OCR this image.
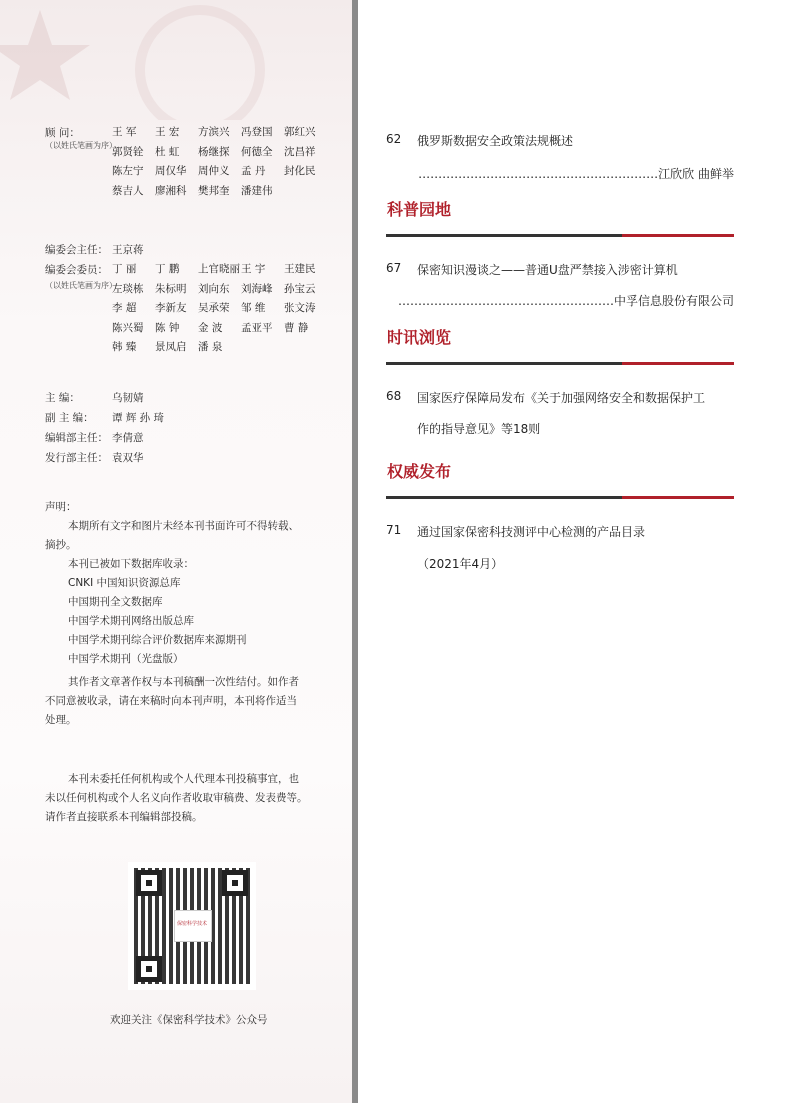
顾 问：
（以姓氏笔画为序）
王 军 王 宏 方滨兴 冯登国 郭红兴
郭贤铨 杜 虹 杨继探 何德全 沈昌祥
陈左宁 周仅华 周仲义 孟 丹 封化民
蔡吉人 廖湘科 樊邦奎 潘建伟
编委会主任： 王京蒋
编委会委员：
（以姓氏笔画为序）
丁 丽 丁 鹏 上官晓丽王 宇 王建民
左琰栋 朱标明 刘向东 刘海峰 孙宝云
李 超 李新友 吴承荣 邹 维 张文涛
陈兴蜀 陈 钟 金 波 孟亚平 曹 静
韩 臻 景凤启 潘 泉
主 编：	乌韧婧
副 主 编： 谭 辉 孙 琦
编辑部主任： 李倩意
发行部主任： 袁双华
声明：
本期所有文字和图片未经本刊书面许可不得转载、
摘抄。
本刊已被如下数据库收录：
CNKI 中国知识资源总库
中国期刊全文数据库
中国学术期刊网络出版总库
中国学术期刊综合评价数据库来源期刊
中国学术期刊（光盘版）
其作者文章著作权与本刊稿酬一次性结付。如作者
不同意被收录，请在来稿时向本刊声明，本刊将作适当
处理。
本刊未委托任何机构或个人代理本刊投稿事宜，也
未以任何机构或个人名义向作者收取审稿费、发表费等。
请作者直接联系本刊编辑部投稿。
保密科学技术
欢迎关注《保密科学技术》公众号
62 俄罗斯数据安全政策法规概述
……………………………………………………江欣欣 曲鲜举
科普园地
67 保密知识漫谈之——普通U盘严禁接入涉密计算机
………………………………………………中孚信息股份有限公司
时讯浏览
68 国家医疗保障局发布《关于加强网络安全和数据保护工
作的指导意见》等18则
权威发布
71 通过国家保密科技测评中心检测的产品目录
（2021年4月）
